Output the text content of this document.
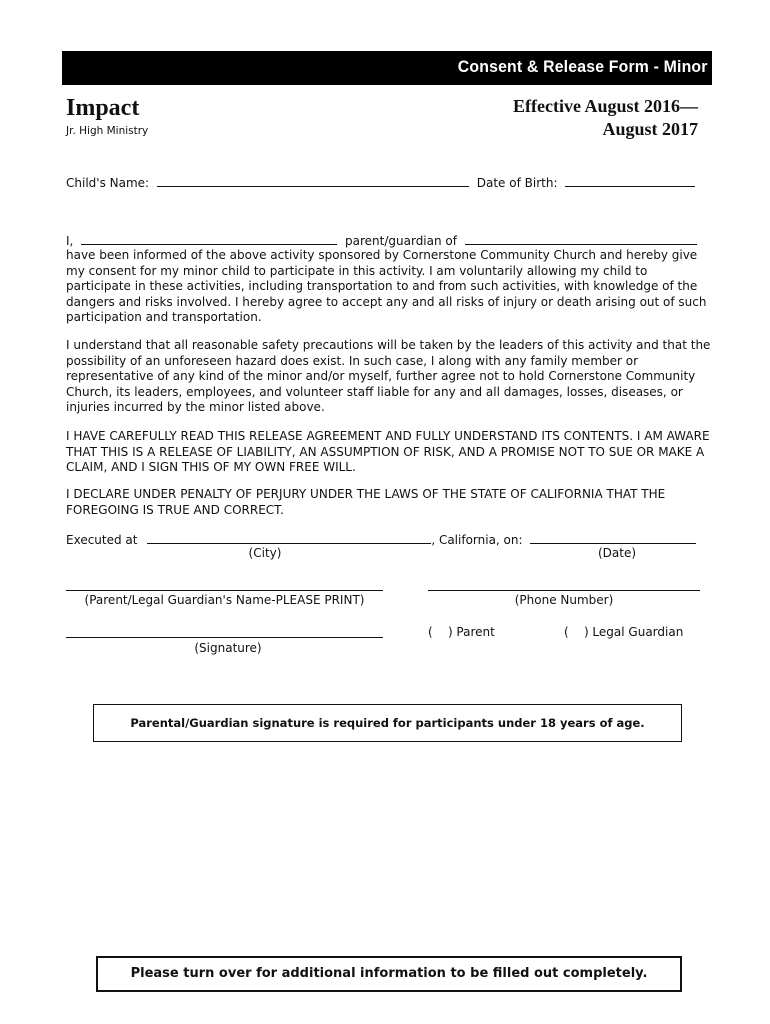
Consent & Release Form - Minor
Impact
Jr. High Ministry
Effective August 2016—
August 2017
Child's Name:	Date of Birth:
I,	parent/guardian of

have been informed of the above activity sponsored by Cornerstone Community Church and hereby give my consent for my minor child to participate in this activity. I am voluntarily allowing my child to participate in these activities, including transportation to and from such activities, with knowledge of the dangers and risks involved. I hereby agree to accept any and all risks of injury or death arising out of such participation and transportation.

I understand that all reasonable safety precautions will be taken by the leaders of this activity and that the possibility of an unforeseen hazard does exist. In such case, I along with any family member or representative of any kind of the minor and/or myself, further agree not to hold Cornerstone Community Church, its leaders, employees, and volunteer staff liable for any and all damages, losses, diseases, or injuries incurred by the minor listed above.

I HAVE CAREFULLY READ THIS RELEASE AGREEMENT AND FULLY UNDERSTAND ITS CONTENTS. I AM AWARE THAT THIS IS A RELEASE OF LIABILITY, AN ASSUMPTION OF RISK, AND A PROMISE NOT TO SUE OR MAKE A CLAIM, AND I SIGN THIS OF MY OWN FREE WILL.

I DECLARE UNDER PENALTY OF PERJURY UNDER THE LAWS OF THE STATE OF CALIFORNIA THAT THE FOREGOING IS TRUE AND CORRECT.

Executed at	, California, on:
(City)	(Date)
(Parent/Legal Guardian's Name-PLEASE PRINT)	(Phone Number)
(Signature)
(    ) Parent	(    ) Legal Guardian
Parental/Guardian signature is required for participants under 18 years of age.
Please turn over for additional information to be filled out completely.
